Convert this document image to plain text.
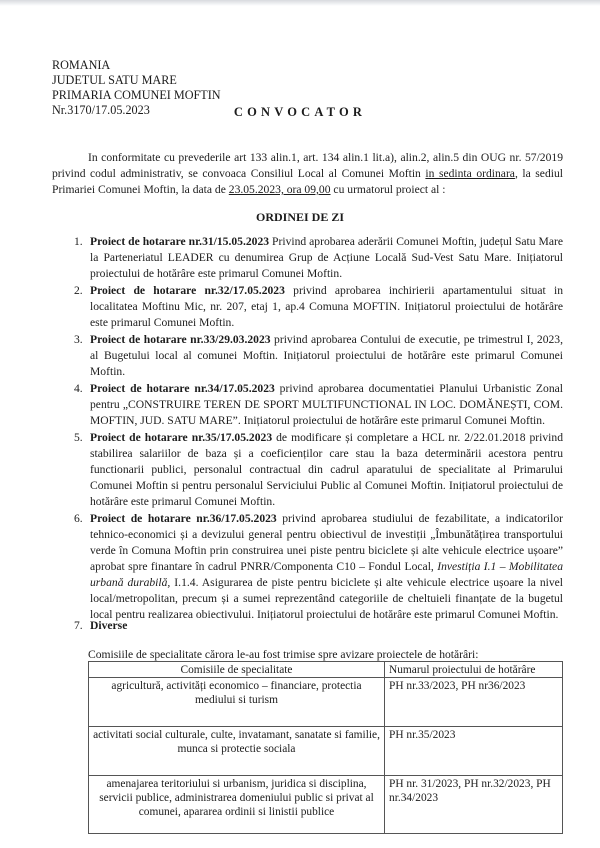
ROMANIA
JUDETUL SATU MARE
PRIMARIA COMUNEI MOFTIN
Nr.3170/17.05.2023	CONVOCATOR
In conformitate cu prevederile art 133 alin.1, art. 134 alin.1 lit.a), alin.2, alin.5 din OUG nr. 57/2019 privind codul administrativ, se convoaca Consiliul Local al Comunei Moftin in sedinta ordinara, la sediul Primariei Comunei Moftin, la data de 23.05.2023, ora 09,00 cu urmatorul proiect al :
ORDINEI DE ZI
1. Proiect de hotarare nr.31/15.05.2023 Privind aprobarea aderării Comunei Moftin, județul Satu Mare la Parteneriatul LEADER cu denumirea Grup de Acțiune Locală Sud-Vest Satu Mare. Inițiatorul proiectului de hotărâre este primarul Comunei Moftin.
2. Proiect de hotarare nr.32/17.05.2023 privind aprobarea inchirierii apartamentului situat in localitatea Moftinu Mic, nr. 207, etaj 1, ap.4 Comuna MOFTIN. Inițiatorul proiectului de hotărâre este primarul Comunei Moftin.
3. Proiect de hotarare nr.33/29.03.2023 privind aprobarea Contului de executie, pe trimestrul I, 2023, al Bugetului local al comunei Moftin. Inițiatorul proiectului de hotărâre este primarul Comunei Moftin.
4. Proiect de hotarare nr.34/17.05.2023 privind aprobarea documentatiei Planului Urbanistic Zonal pentru „CONSTRUIRE TEREN DE SPORT MULTIFUNCTIONAL IN LOC. DOMĂNEȘTI, COM. MOFTIN, JUD. SATU MARE”. Inițiatorul proiectului de hotărâre este primarul Comunei Moftin.
5. Proiect de hotarare nr.35/17.05.2023 de modificare și completare a HCL nr. 2/22.01.2018 privind stabilirea salariilor de baza și a coeficienților care stau la baza determinării acestora pentru functionarii publici, personalul contractual din cadrul aparatului de specialitate al Primarului Comunei Moftin si pentru personalul Serviciului Public al Comunei Moftin. Inițiatorul proiectului de hotărâre este primarul Comunei Moftin.
6. Proiect de hotarare nr.36/17.05.2023 privind aprobarea studiului de fezabilitate, a indicatorilor tehnico-economici și a devizului general pentru obiectivul de investiții „Îmbunătățirea transportului verde în Comuna Moftin prin construirea unei piste pentru biciclete și alte vehicule electrice ușoare” aprobat spre finantare în cadrul PNRR/Componenta C10 – Fondul Local, Investiția I.1 – Mobilitatea urbană durabilă, I.1.4. Asigurarea de piste pentru biciclete și alte vehicule electrice ușoare la nivel local/metropolitan, precum și a sumei reprezentând categoriile de cheltuieli finanțate de la bugetul local pentru realizarea obiectivului. Inițiatorul proiectului de hotărâre este primarul Comunei Moftin.
7. Diverse
Comisiile de specialitate cărora le-au fost trimise spre avizare proiectele de hotărâri:
Comisiile de specialitate	Numarul proiectului de hotărâre
agricultură, activități economico – financiare, protectia mediului si turism	PH nr.33/2023, PH nr36/2023
activitati social culturale, culte, invatamant, sanatate si familie, munca si protectie sociala	PH nr.35/2023
amenajarea teritoriului si urbanism, juridica si disciplina, servicii publice, administrarea domeniului public si privat al comunei, apararea ordinii si linistii publice	PH nr. 31/2023, PH nr.32/2023, PH nr.34/2023
